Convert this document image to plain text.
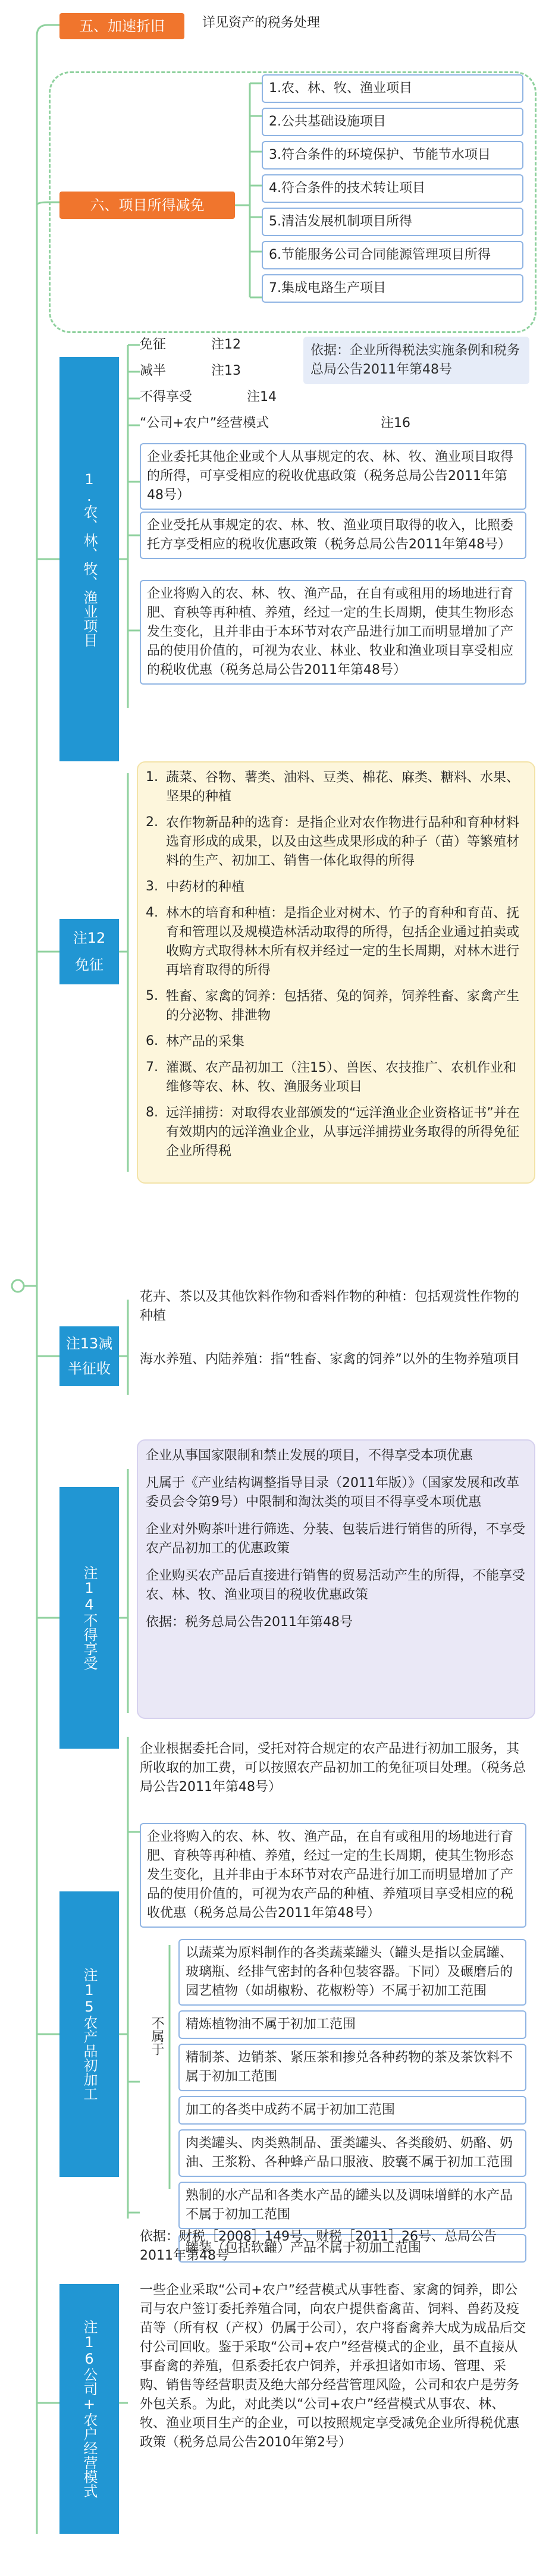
五、加速折旧	详见资产的税务处理
六、项目所得减免
1.农、林、牧、渔业项目
2.公共基础设施项目
3.符合条件的环境保护、节能节水项目
4.符合条件的技术转让项目
5.清洁发展机制项目所得
6.节能服务公司合同能源管理项目所得
7.集成电路生产项目
1.农、林、牧、渔业项目
免征	注12
减半	注13
不得享受	注14
“公司+农户”经营模式	注16
依据：企业所得税法实施条例和税务总局公告2011年第48号
企业委托其他企业或个人从事规定的农、林、牧、渔业项目取得的所得，可享受相应的税收优惠政策（税务总局公告2011年第48号）
企业受托从事规定的农、林、牧、渔业项目取得的收入，比照委托方享受相应的税收优惠政策（税务总局公告2011年第48号）
企业将购入的农、林、牧、渔产品，在自有或租用的场地进行育肥、育秧等再种植、养殖，经过一定的生长周期，使其生物形态发生变化，且并非由于本环节对农产品进行加工而明显增加了产品的使用价值的，可视为农业、林业、牧业和渔业项目享受相应的税收优惠（税务总局公告2011年第48号）
注12免征
1. 蔬菜、谷物、薯类、油料、豆类、棉花、麻类、糖料、水果、坚果的种植
2. 农作物新品种的选育：是指企业对农作物进行品种和育种材料选育形成的成果，以及由这些成果形成的种子（苗）等繁殖材料的生产、初加工、销售一体化取得的所得
3. 中药材的种植
4. 林木的培育和种植：是指企业对树木、竹子的育种和育苗、抚育和管理以及规模造林活动取得的所得，包括企业通过拍卖或收购方式取得林木所有权并经过一定的生长周期，对林木进行再培育取得的所得
5. 牲畜、家禽的饲养：包括猪、兔的饲养，饲养牲畜、家禽产生的分泌物、排泄物
6. 林产品的采集
7. 灌溉、农产品初加工（注15）、兽医、农技推广、农机作业和维修等农、林、牧、渔服务业项目
8. 远洋捕捞：对取得农业部颁发的“远洋渔业企业资格证书”并在有效期内的远洋渔业企业，从事远洋捕捞业务取得的所得免征企业所得税
注13减半征收
花卉、茶以及其他饮料作物和香料作物的种植：包括观赏性作物的种植
海水养殖、内陆养殖：指“牲畜、家禽的饲养”以外的生物养殖项目
注14不得享受
企业从事国家限制和禁止发展的项目，不得享受本项优惠
凡属于《产业结构调整指导目录（2011年版）》（国家发展和改革委员会令第9号）中限制和淘汰类的项目不得享受本项优惠
企业对外购茶叶进行筛选、分装、包装后进行销售的所得，不享受农产品初加工的优惠政策
企业购买农产品后直接进行销售的贸易活动产生的所得，不能享受农、林、牧、渔业项目的税收优惠政策
依据：税务总局公告2011年第48号
注15农产品初加工
企业根据委托合同，受托对符合规定的农产品进行初加工服务，其所收取的加工费，可以按照农产品初加工的免征项目处理。（税务总局公告2011年第48号）
企业将购入的农、林、牧、渔产品，在自有或租用的场地进行育肥、育秧等再种植、养殖，经过一定的生长周期，使其生物形态发生变化，且并非由于本环节对农产品进行加工而明显增加了产品的使用价值的，可视为农产品的种植、养殖项目享受相应的税收优惠（税务总局公告2011年第48号）
不属于
以蔬菜为原料制作的各类蔬菜罐头（罐头是指以金属罐、玻璃瓶、经排气密封的各种包装容器。下同）及碾磨后的园艺植物（如胡椒粉、花椒粉等）不属于初加工范围
精炼植物油不属于初加工范围
精制茶、边销茶、紧压茶和掺兑各种药物的茶及茶饮料不属于初加工范围
加工的各类中成药不属于初加工范围
肉类罐头、肉类熟制品、蛋类罐头、各类酸奶、奶酪、奶油、王浆粉、各种蜂产品口服液、胶囊不属于初加工范围
熟制的水产品和各类水产品的罐头以及调味增鲜的水产品不属于初加工范围
罐装（包括软罐）产品不属于初加工范围
依据：财税［2008］149号、财税［2011］26号、总局公告2011年第48号
注16公司+农户经营模式
一些企业采取“公司+农户”经营模式从事牲畜、家禽的饲养，即公司与农户签订委托养殖合同，向农户提供畜禽苗、饲料、兽药及疫苗等（所有权（产权）仍属于公司），农户将畜禽养大成为成品后交付公司回收。鉴于采取“公司+农户”经营模式的企业，虽不直接从事畜禽的养殖，但系委托农户饲养，并承担诸如市场、管理、采购、销售等经营职责及绝大部分经营管理风险，公司和农户是劳务外包关系。为此，对此类以“公司+农户”经营模式从事农、林、牧、渔业项目生产的企业，可以按照规定享受减免企业所得税优惠政策（税务总局公告2010年第2号）
